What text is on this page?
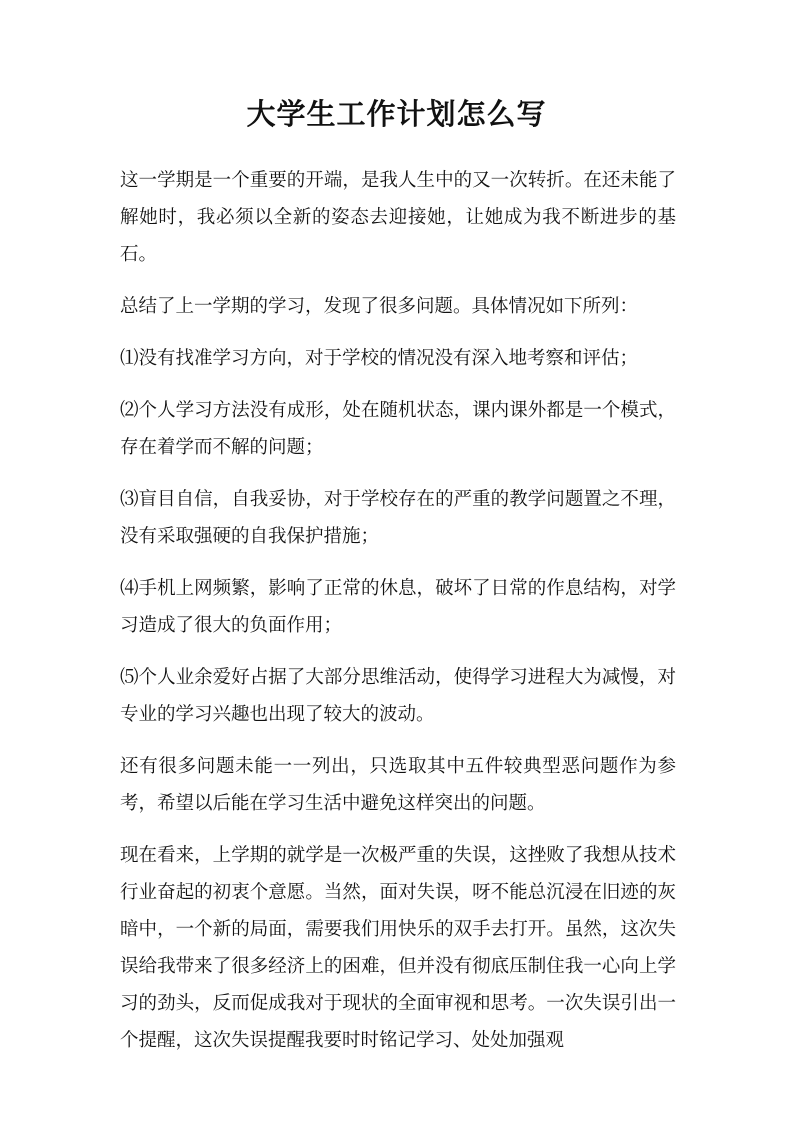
大学生工作计划怎么写

这一学期是一个重要的开端，是我人生中的又一次转折。在还未能了解她时，我必须以全新的姿态去迎接她，让她成为我不断进步的基石。

总结了上一学期的学习，发现了很多问题。具体情况如下所列：

⑴没有找准学习方向，对于学校的情况没有深入地考察和评估；

⑵个人学习方法没有成形，处在随机状态，课内课外都是一个模式，存在着学而不解的问题；

⑶盲目自信，自我妥协，对于学校存在的严重的教学问题置之不理，没有采取强硬的自我保护措施；

⑷手机上网频繁，影响了正常的休息，破坏了日常的作息结构，对学习造成了很大的负面作用；

⑸个人业余爱好占据了大部分思维活动，使得学习进程大为减慢，对专业的学习兴趣也出现了较大的波动。

还有很多问题未能一一列出，只选取其中五件较典型恶问题作为参考，希望以后能在学习生活中避免这样突出的问题。

现在看来，上学期的就学是一次极严重的失误，这挫败了我想从技术行业奋起的初衷个意愿。当然，面对失误，呀不能总沉浸在旧迹的灰暗中，一个新的局面，需要我们用快乐的双手去打开。虽然，这次失误给我带来了很多经济上的困难，但并没有彻底压制住我一心向上学习的劲头，反而促成我对于现状的全面审视和思考。一次失误引出一个提醒，这次失误提醒我要时时铭记学习、处处加强观
